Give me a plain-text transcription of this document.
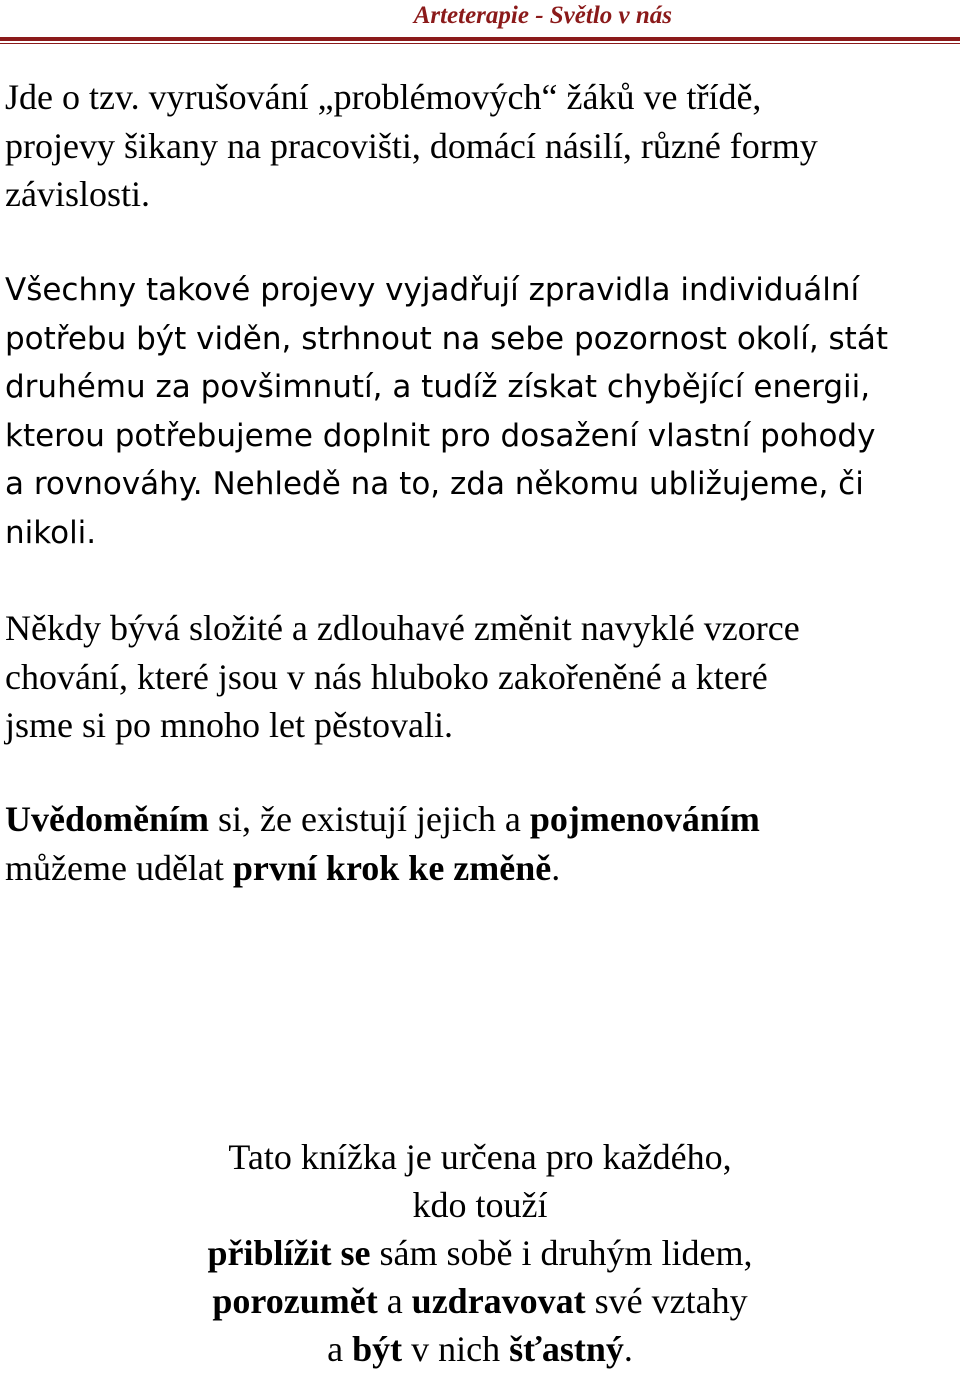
Arteterapie - Světlo v nás
Jde o tzv. vyrušování „problémových“ žáků ve třídě,
projevy šikany na pracovišti, domácí násilí, různé formy
závislosti.
Všechny takové projevy vyjadřují zpravidla individuální
potřebu být viděn, strhnout na sebe pozornost okolí, stát
druhému za povšimnutí, a tudíž získat chybějící energii,
kterou potřebujeme doplnit pro dosažení vlastní pohody
a rovnováhy. Nehledě na to, zda někomu ubližujeme, či
nikoli.
Někdy bývá složité a zdlouhavé změnit navyklé vzorce
chování, které jsou v nás hluboko zakořeněné a které
jsme si po mnoho let pěstovali.
Uvědoměním si, že existují jejich a pojmenováním
můžeme udělat první krok ke změně.
Tato knížka je určena pro každého,
kdo touží
přiblížit se sám sobě i druhým lidem,
porozumět a uzdravovat své vztahy
a být v nich šťastný.
